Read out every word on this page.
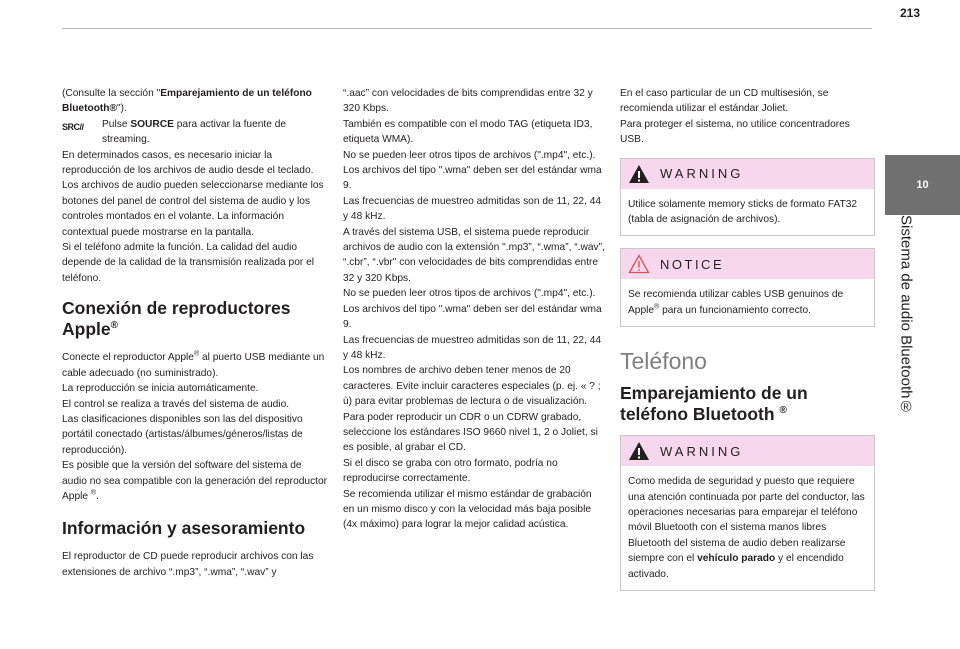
213
10
Sistema de audio Bluetooth®

(Consulte la sección "Emparejamiento de un teléfono Bluetooth®").

SRC//	Pulse SOURCE para activar la fuente de streaming.

En determinados casos, es necesario iniciar la reproducción de los archivos de audio desde el teclado.

Los archivos de audio pueden seleccionarse mediante los botones del panel de control del sistema de audio y los controles montados en el volante. La información contextual puede mostrarse en la pantalla.

Si el teléfono admite la función. La calidad del audio depende de la calidad de la transmisión realizada por el teléfono.

Conexión de reproductores Apple®

Conecte el reproductor Apple® al puerto USB mediante un cable adecuado (no suministrado).

La reproducción se inicia automáticamente.

El control se realiza a través del sistema de audio.

Las clasificaciones disponibles son las del dispositivo portátil conectado (artistas/álbumes/géneros/listas de reproducción).

Es posible que la versión del software del sistema de audio no sea compatible con la generación del reproductor Apple ®.

Información y asesoramiento

El reproductor de CD puede reproducir archivos con las extensiones de archivo “.mp3”, “.wma”, “.wav” y

“.aac” con velocidades de bits comprendidas entre 32 y 320 Kbps.

También es compatible con el modo TAG (etiqueta ID3, etiqueta WMA).

No se pueden leer otros tipos de archivos (".mp4", etc.).

Los archivos del tipo ".wma" deben ser del estándar wma 9.

Las frecuencias de muestreo admitidas son de 11, 22, 44 y 48 kHz.

A través del sistema USB, el sistema puede reproducir archivos de audio con la extensión ".mp3”, “.wma”, “.wav”, “.cbr”, “.vbr" con velocidades de bits comprendidas entre 32 y 320 Kbps.

No se pueden leer otros tipos de archivos (".mp4", etc.).

Los archivos del tipo ".wma" deben ser del estándar wma 9.

Las frecuencias de muestreo admitidas son de 11, 22, 44 y 48 kHz.

Los nombres de archivo deben tener menos de 20 caracteres. Evite incluir caracteres especiales (p. ej. « ? ; ù) para evitar problemas de lectura o de visualización.

Para poder reproducir un CDR o un CDRW grabado, seleccione los estándares ISO 9660 nivel 1, 2 o Joliet, si es posible, al grabar el CD.

Si el disco se graba con otro formato, podría no reproducirse correctamente.

Se recomienda utilizar el mismo estándar de grabación en un mismo disco y con la velocidad más baja posible (4x máximo) para lograr la mejor calidad acústica.

En el caso particular de un CD multisesión, se recomienda utilizar el estándar Joliet.

Para proteger el sistema, no utilice concentradores USB.

WARNING
Utilice solamente memory sticks de formato FAT32 (tabla de asignación de archivos).
NOTICE
Se recomienda utilizar cables USB genuinos de Apple® para un funcionamiento correcto.
Teléfono
Emparejamiento de un teléfono Bluetooth ®
WARNING
Como medida de seguridad y puesto que requiere una atención continuada por parte del conductor, las operaciones necesarias para emparejar el teléfono móvil Bluetooth con el sistema manos libres Bluetooth del sistema de audio deben realizarse siempre con el vehículo parado y el encendido activado.
